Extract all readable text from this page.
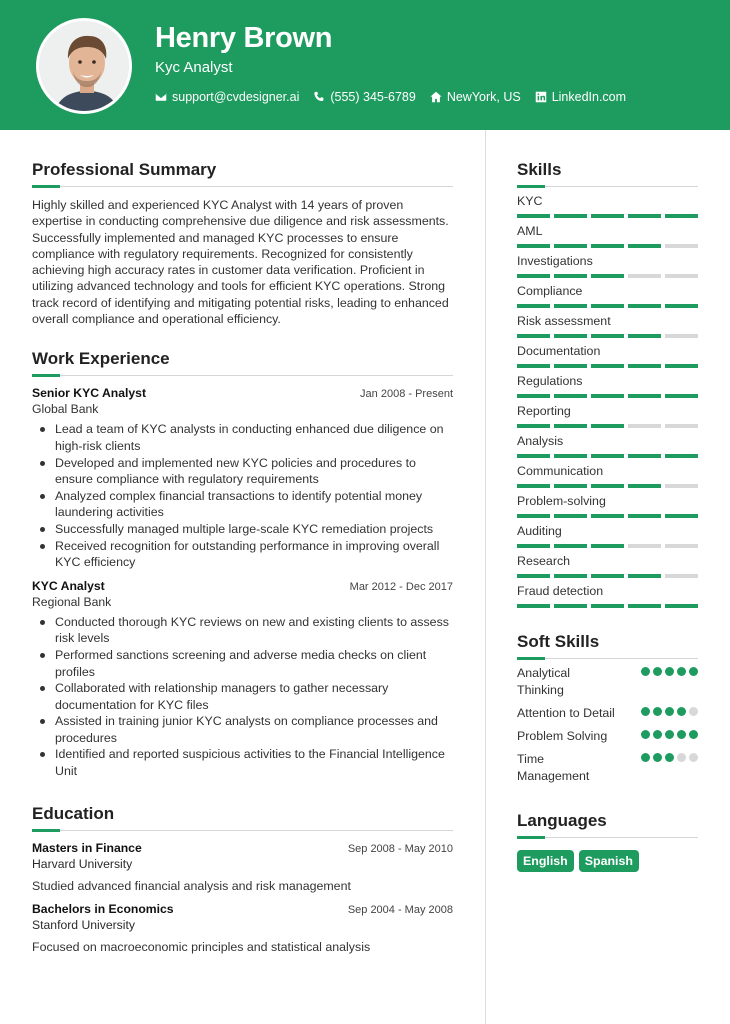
Henry Brown
Kyc Analyst
support@cvdesigner.ai (555) 345-6789 NewYork, US LinkedIn.com
Professional Summary

Highly skilled and experienced KYC Analyst with 14 years of proven expertise in conducting comprehensive due diligence and risk assessments. Successfully implemented and managed KYC processes to ensure compliance with regulatory requirements. Recognized for consistently achieving high accuracy rates in customer data verification. Proficient in utilizing advanced technology and tools for efficient KYC operations. Strong track record of identifying and mitigating potential risks, leading to enhanced overall compliance and operational efficiency.

Work Experience
Senior KYC Analyst	Jan 2008 - Present
Global Bank
Lead a team of KYC analysts in conducting enhanced due diligence on high-risk clients
Developed and implemented new KYC policies and procedures to ensure compliance with regulatory requirements
Analyzed complex financial transactions to identify potential money laundering activities
Successfully managed multiple large-scale KYC remediation projects
Received recognition for outstanding performance in improving overall KYC efficiency
KYC Analyst	Mar 2012 - Dec 2017
Regional Bank
Conducted thorough KYC reviews on new and existing clients to assess risk levels
Performed sanctions screening and adverse media checks on client profiles
Collaborated with relationship managers to gather necessary documentation for KYC files
Assisted in training junior KYC analysts on compliance processes and procedures
Identified and reported suspicious activities to the Financial Intelligence Unit
Education
Masters in Finance	Sep 2008 - May 2010
Harvard University
Studied advanced financial analysis and risk management
Bachelors in Economics	Sep 2004 - May 2008
Stanford University
Focused on macroeconomic principles and statistical analysis
Skills
KYC
AML
Investigations
Compliance
Risk assessment
Documentation
Regulations
Reporting
Analysis
Communication
Problem-solving
Auditing
Research
Fraud detection
Soft Skills
Analytical Thinking
Attention to Detail
Problem Solving
Time Management
Languages
English	Spanish
